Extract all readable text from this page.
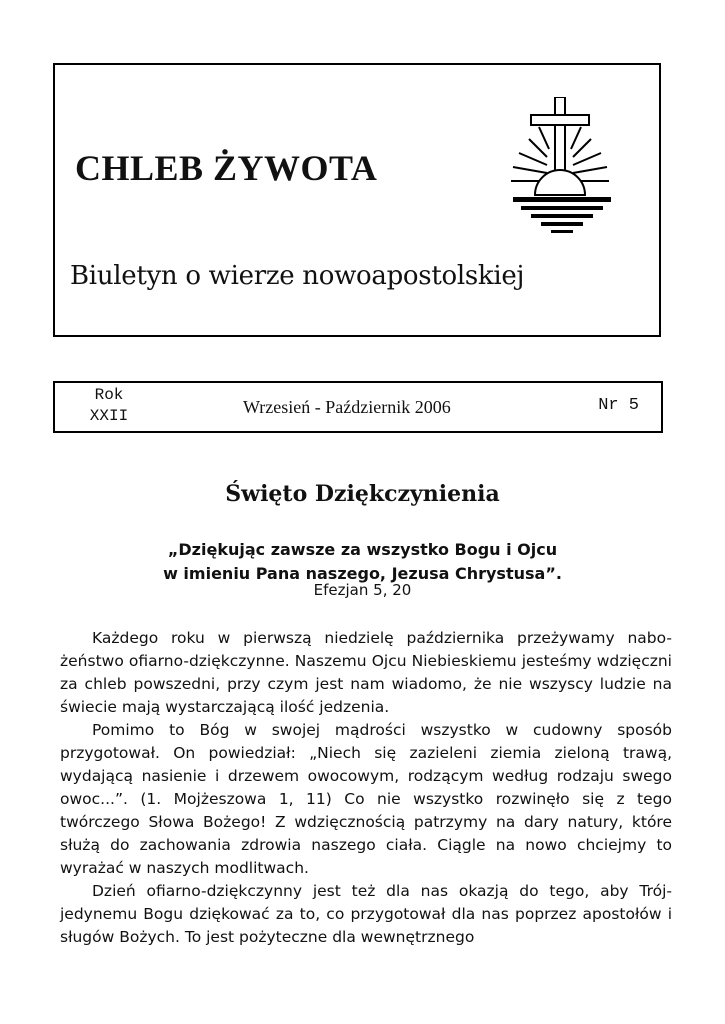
CHLEB ŻYWOTA

Biuletyn o wierze nowoapostolskiej

Rok
XXII	Wrzesień - Październik 2006	Nr 5
Święto Dziękczynienia
„Dziękując zawsze za wszystko Bogu i Ojcu
w imieniu Pana naszego, Jezusa Chrystusa”.
Efezjan 5, 20

Każdego roku w pierwszą niedzielę października przeżywamy nabo-żeństwo ofiarno-dziękczynne. Naszemu Ojcu Niebieskiemu jesteśmy wdzięczni za chleb powszedni, przy czym jest nam wiadomo, że nie wszyscy ludzie na świecie mają wystarczającą ilość jedzenia.

Pomimo to Bóg w swojej mądrości wszystko w cudowny sposób przygotował. On powiedział: „Niech się zazieleni ziemia zieloną trawą, wydającą nasienie i drzewem owocowym, rodzącym według rodzaju swego owoc...”. (1. Mojżeszowa 1, 11) Co nie wszystko rozwinęło się z tego twórczego Słowa Bożego! Z wdzięcznością patrzymy na dary natury, które służą do zachowania zdrowia naszego ciała. Ciągle na nowo chciejmy to wyrażać w naszych modlitwach.

Dzień ofiarno-dziękczynny jest też dla nas okazją do tego, aby Trój-jedynemu Bogu dziękować za to, co przygotował dla nas poprzez apostołów i sługów Bożych. To jest pożyteczne dla wewnętrznego
